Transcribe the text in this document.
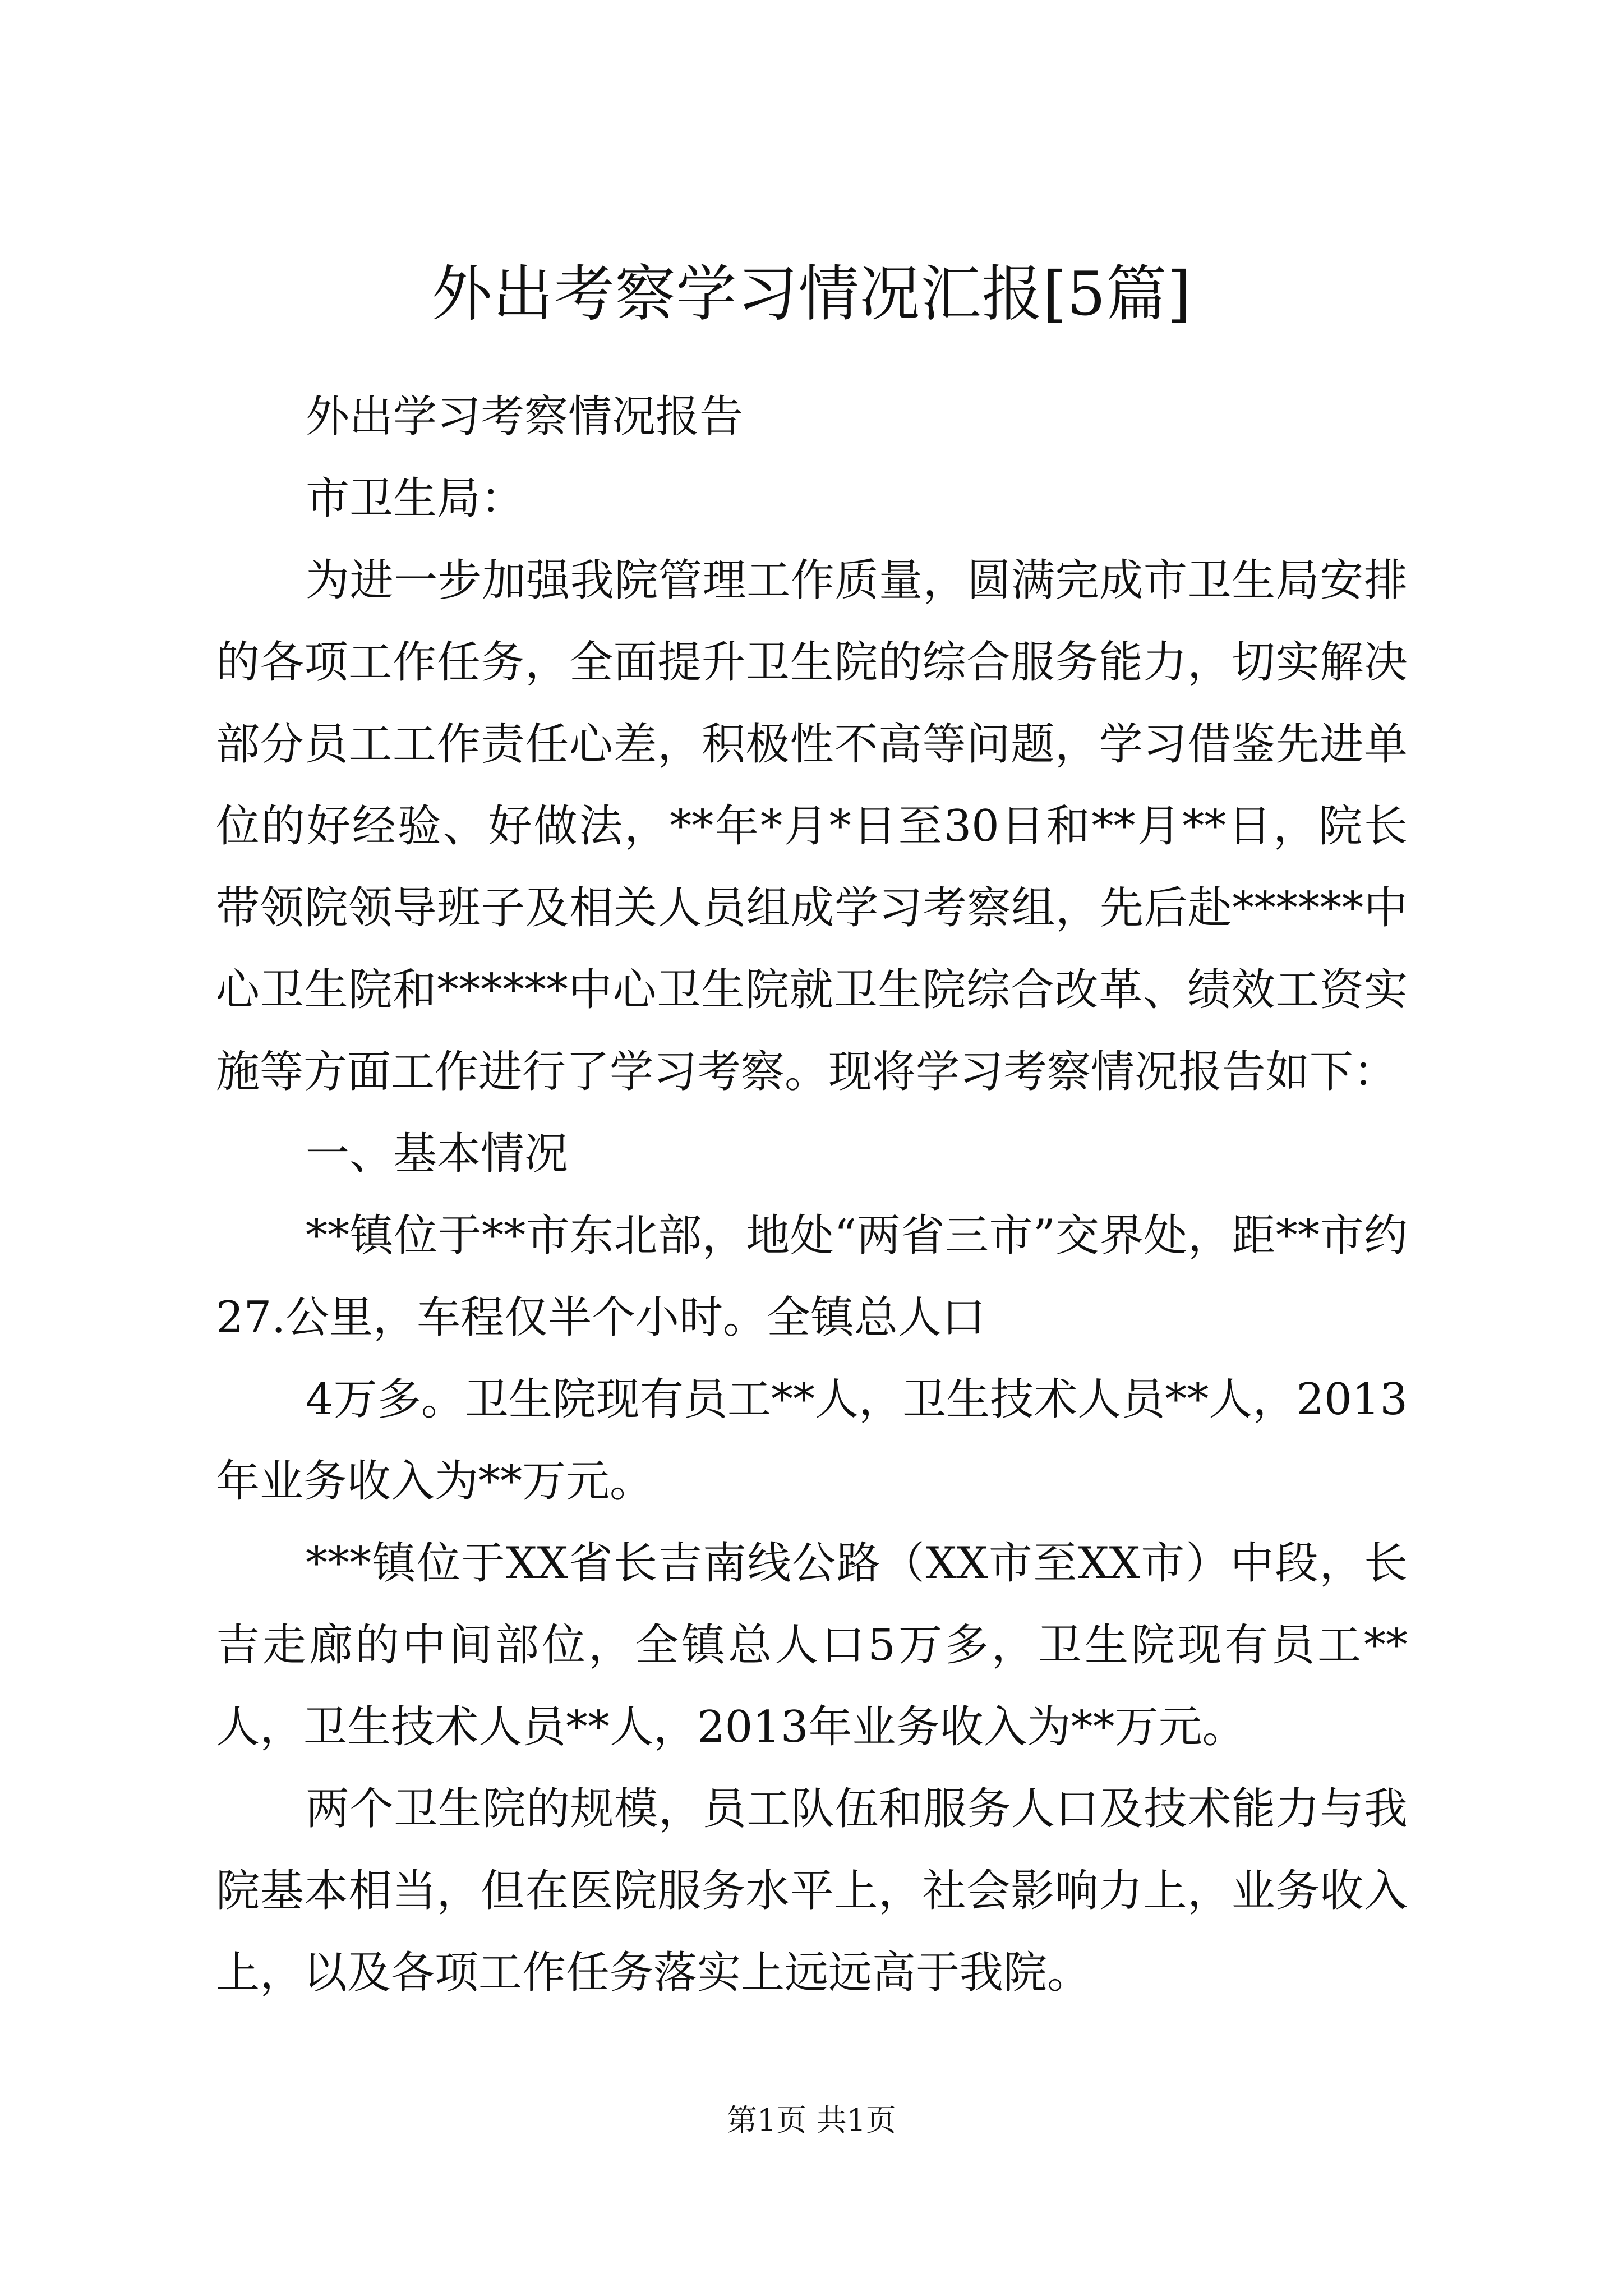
外出考察学习情况汇报[5篇]

外出学习考察情况报告

市卫生局：

为进一步加强我院管理工作质量，圆满完成市卫生局安排的各项工作任务，全面提升卫生院的综合服务能力，切实解决部分员工工作责任心差，积极性不高等问题，学习借鉴先进单位的好经验、好做法，**年*月*日至30日和**月**日，院长带领院领导班子及相关人员组成学习考察组，先后赴******中心卫生院和******中心卫生院就卫生院综合改革、绩效工资实施等方面工作进行了学习考察。现将学习考察情况报告如下：

一、基本情况

**镇位于**市东北部，地处“两省三市”交界处，距**市约27.公里，车程仅半个小时。全镇总人口

4万多。卫生院现有员工**人，卫生技术人员**人，2013年业务收入为**万元。

***镇位于XX省长吉南线公路（XX市至XX市）中段，长吉走廊的中间部位，全镇总人口5万多，卫生院现有员工**人，卫生技术人员**人，2013年业务收入为**万元。

两个卫生院的规模，员工队伍和服务人口及技术能力与我院基本相当，但在医院服务水平上，社会影响力上，业务收入上，以及各项工作任务落实上远远高于我院。

第1页 共1页
